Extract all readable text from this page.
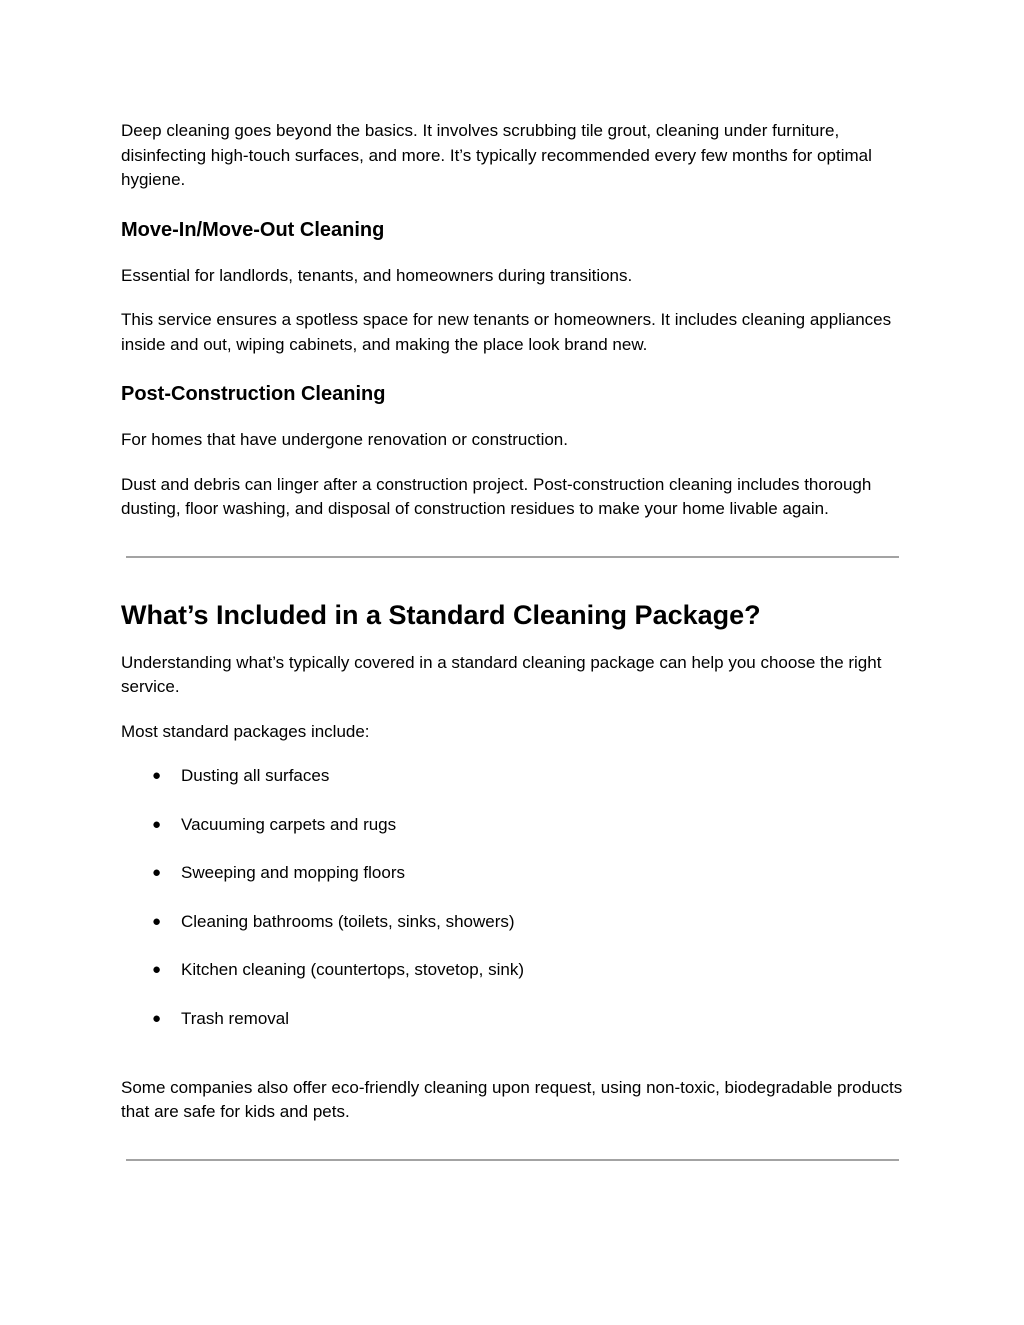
Deep cleaning goes beyond the basics. It involves scrubbing tile grout, cleaning under furniture, disinfecting high-touch surfaces, and more. It’s typically recommended every few months for optimal hygiene.

Move-In/Move-Out Cleaning

Essential for landlords, tenants, and homeowners during transitions.

This service ensures a spotless space for new tenants or homeowners. It includes cleaning appliances inside and out, wiping cabinets, and making the place look brand new.

Post-Construction Cleaning

For homes that have undergone renovation or construction.

Dust and debris can linger after a construction project. Post-construction cleaning includes thorough dusting, floor washing, and disposal of construction residues to make your home livable again.

What’s Included in a Standard Cleaning Package?

Understanding what’s typically covered in a standard cleaning package can help you choose the right service.

Most standard packages include:

● Dusting all surfaces
● Vacuuming carpets and rugs
● Sweeping and mopping floors
● Cleaning bathrooms (toilets, sinks, showers)
● Kitchen cleaning (countertops, stovetop, sink)
● Trash removal

Some companies also offer eco-friendly cleaning upon request, using non-toxic, biodegradable products that are safe for kids and pets.
